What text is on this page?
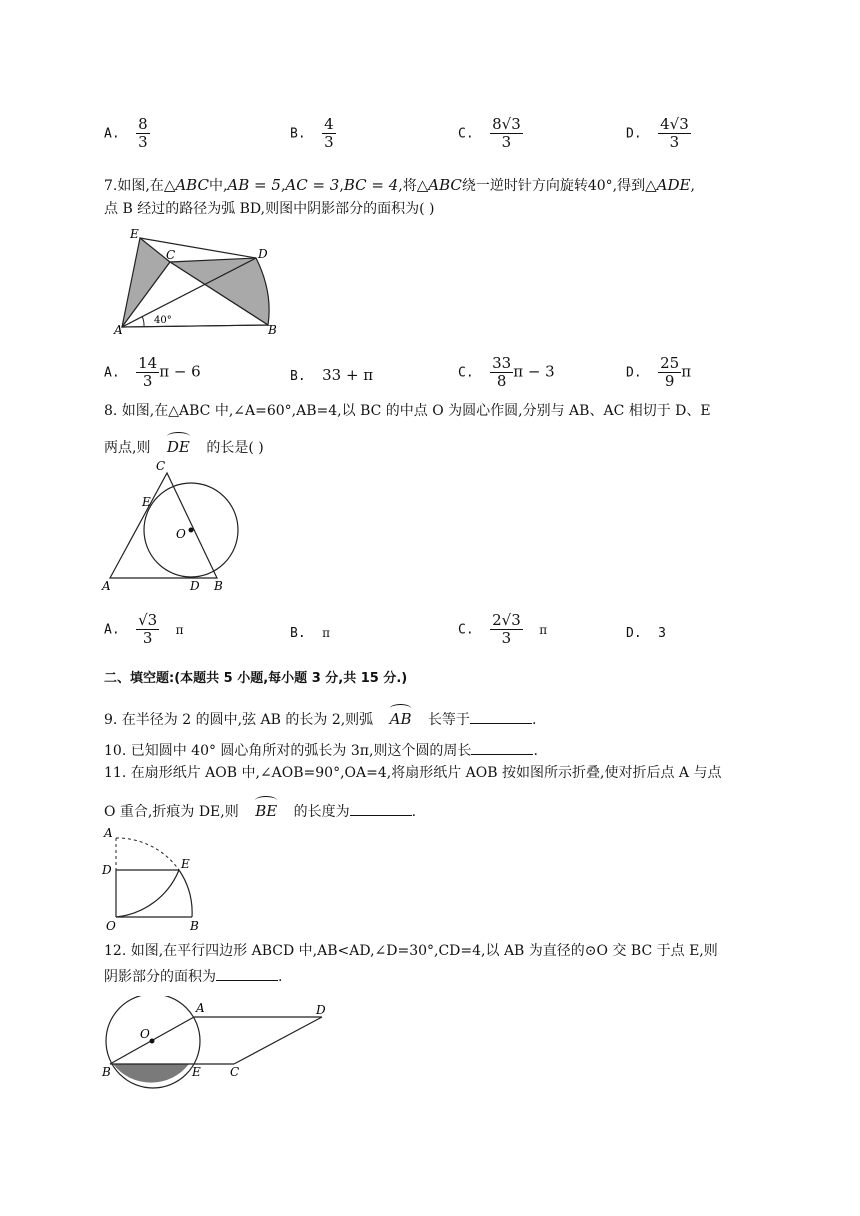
A. $\frac{8}{3}$	B. $\frac{4}{3}$	C. $\frac{8√3}{3}$	D. $\frac{4√3}{3}$
7.如图,在△ABC中,AB = 5,AC = 3,BC = 4,将△ABC绕一逆时针方向旋转40°,得到△ADE,
点 B 经过的路径为弧 BD,则图中阴影部分的面积为( )
E
C	D
A	B
40°
A. $\frac{14}{3}$ π − 6	B. 33 + π	C. $\frac{33}{8}$ π − 3	D. $\frac{25}{9}$ π
8. 如图,在△ABC 中,∠A=60°,AB=4,以 BC 的中点 O 为圆心作圆,分别与 AB、AC 相切于 D、E
两点,则 DE 的长是( )
C
E
O
A	D B
A. $\frac{√3}{3}$ π	B. π	C. $\frac{2√3}{3}$ π	D. 3
二、填空题:(本题共 5 小题,每小题 3 分,共 15 分.)
9. 在半径为 2 的圆中,弦 AB 的长为 2,则弧 AB 长等于	.
10. 已知圆中 40° 圆心角所对的弧长为 3π,则这个圆的周长	.
11. 在扇形纸片 AOB 中,∠AOB=90°,OA=4,将扇形纸片 AOB 按如图所示折叠,使对折后点 A 与点
O 重合,折痕为 DE,则 BE 的长度为	.
A
D	E
O	B
12. 如图,在平行四边形 ABCD 中,AB<AD,∠D=30°,CD=4,以 AB 为直径的⊙O 交 BC 于点 E,则
阴影部分的面积为	.
O
A	D
B	E C
